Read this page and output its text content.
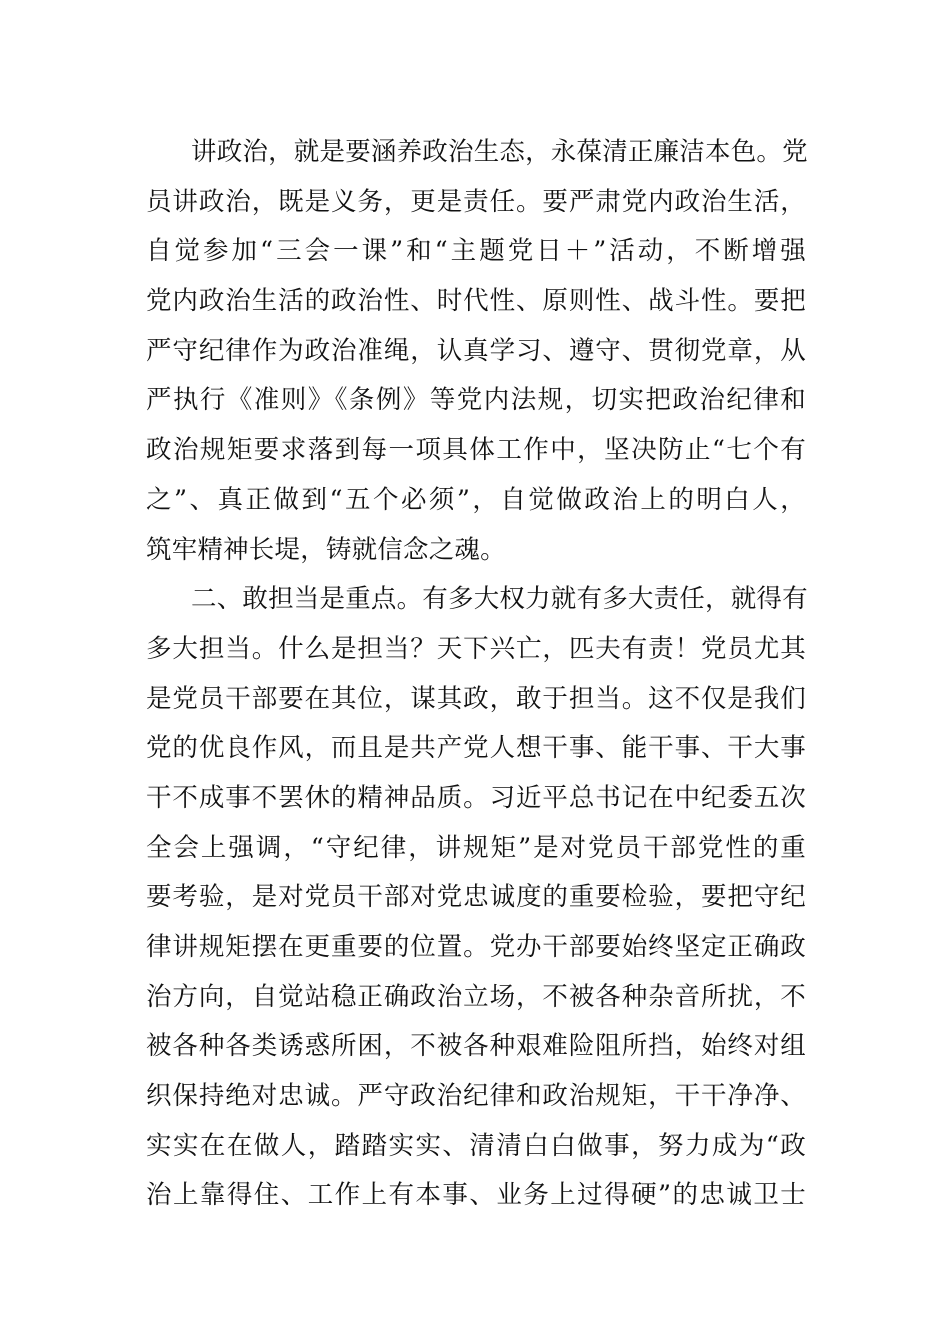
讲政治，就是要涵养政治生态，永葆清正廉洁本色。党
员讲政治，既是义务，更是责任。要严肃党内政治生活，
自觉参加“三会一课”和“主题党日＋”活动，不断增强
党内政治生活的政治性、时代性、原则性、战斗性。要把
严守纪律作为政治准绳，认真学习、遵守、贯彻党章，从
严执行《准则》《条例》等党内法规，切实把政治纪律和
政治规矩要求落到每一项具体工作中，坚决防止“七个有
之”、真正做到“五个必须”，自觉做政治上的明白人，
筑牢精神长堤，铸就信念之魂。
二、敢担当是重点。有多大权力就有多大责任，就得有
多大担当。什么是担当？天下兴亡，匹夫有责！党员尤其
是党员干部要在其位，谋其政，敢于担当。这不仅是我们
党的优良作风，而且是共产党人想干事、能干事、干大事
干不成事不罢休的精神品质。习近平总书记在中纪委五次
全会上强调，“守纪律，讲规矩”是对党员干部党性的重
要考验，是对党员干部对党忠诚度的重要检验，要把守纪
律讲规矩摆在更重要的位置。党办干部要始终坚定正确政
治方向，自觉站稳正确政治立场，不被各种杂音所扰，不
被各种各类诱惑所困，不被各种艰难险阻所挡，始终对组
织保持绝对忠诚。严守政治纪律和政治规矩，干干净净、
实实在在做人，踏踏实实、清清白白做事，努力成为“政
治上靠得住、工作上有本事、业务上过得硬”的忠诚卫士
